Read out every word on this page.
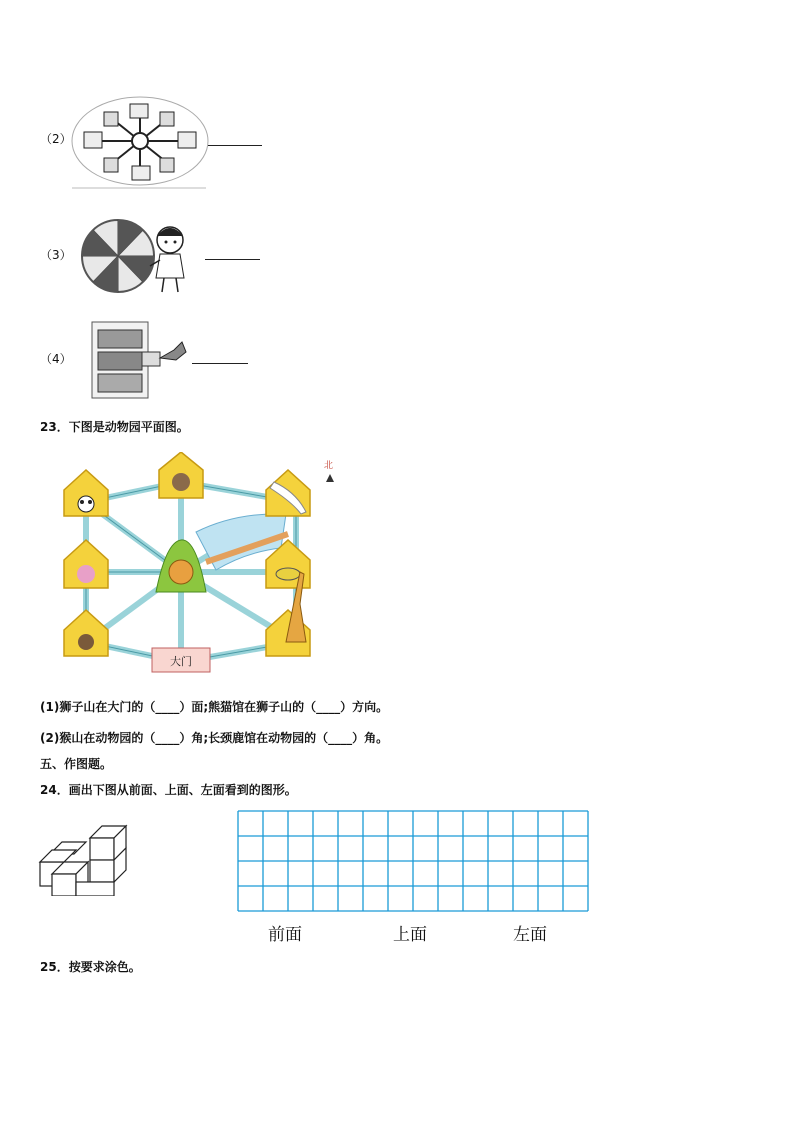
（2）
（3）
（4）
23．下图是动物园平面图。
大门
北
(1)狮子山在大门的（____）面;熊猫馆在狮子山的（____）方向。
(2)猴山在动物园的（____）角;长颈鹿馆在动物园的（____）角。
五、作图题。
24．画出下图从前面、上面、左面看到的图形。
前面	上面	左面
25．按要求涂色。
